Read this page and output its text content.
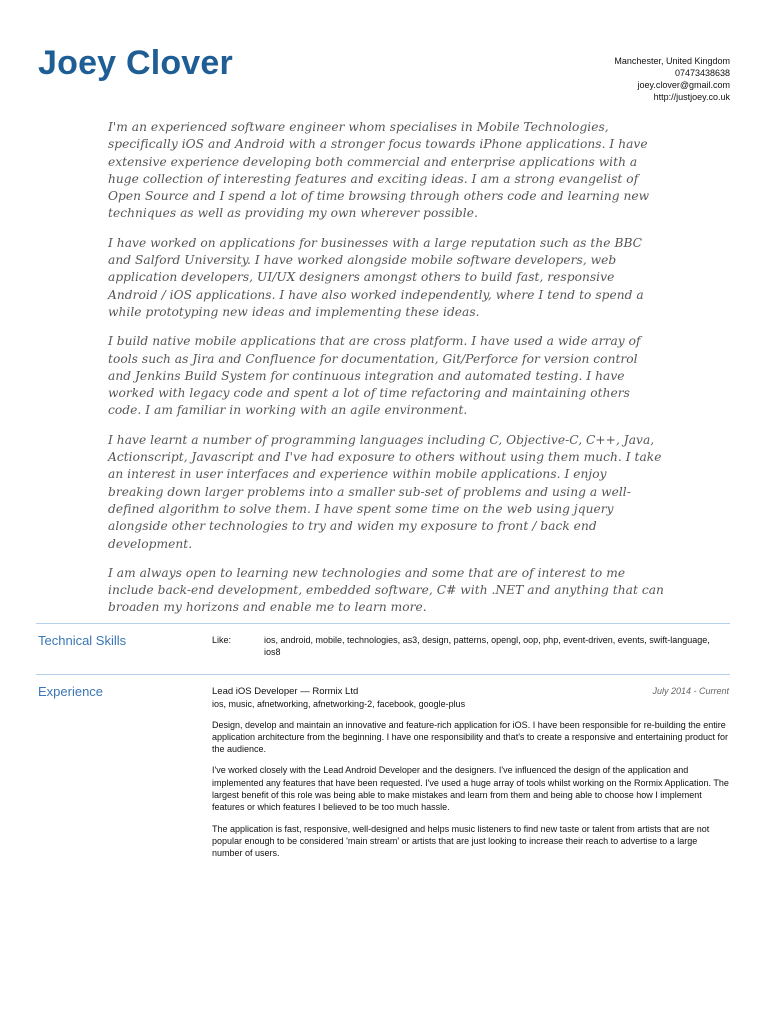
Joey Clover	Manchester, United Kingdom
07473438638
joey.clover@gmail.com
http://justjoey.co.uk

I'm an experienced software engineer whom specialises in Mobile Technologies, specifically iOS and Android with a stronger focus towards iPhone applications. I have extensive experience developing both commercial and enterprise applications with a huge collection of interesting features and exciting ideas. I am a strong evangelist of Open Source and I spend a lot of time browsing through others code and learning new techniques as well as providing my own wherever possible.

I have worked on applications for businesses with a large reputation such as the BBC and Salford University. I have worked alongside mobile software developers, web application developers, UI/UX designers amongst others to build fast, responsive Android / iOS applications. I have also worked independently, where I tend to spend a while prototyping new ideas and implementing these ideas.

I build native mobile applications that are cross platform. I have used a wide array of tools such as Jira and Confluence for documentation, Git/Perforce for version control and Jenkins Build System for continuous integration and automated testing. I have worked with legacy code and spent a lot of time refactoring and maintaining others code. I am familiar in working with an agile environment.

I have learnt a number of programming languages including C, Objective-C, C++, Java, Actionscript, Javascript and I've had exposure to others without using them much. I take an interest in user interfaces and experience within mobile applications. I enjoy breaking down larger problems into a smaller sub-set of problems and using a well-defined algorithm to solve them. I have spent some time on the web using jquery alongside other technologies to try and widen my exposure to front / back end development.

I am always open to learning new technologies and some that are of interest to me include back-end development, embedded software, C# with .NET and anything that can broaden my horizons and enable me to learn more.

Technical Skills	Like:	ios, android, mobile, technologies, as3, design, patterns, opengl, oop, php, event-driven, events, swift-language, ios8
Experience	Lead iOS Developer — Rormix Ltd	July 2014 - Current
ios, music, afnetworking, afnetworking-2, facebook, google-plus

Design, develop and maintain an innovative and feature-rich application for iOS. I have been responsible for re-building the entire application architecture from the beginning. I have one responsibility and that's to create a responsive and entertaining product for the audience.

I've worked closely with the Lead Android Developer and the designers. I've influenced the design of the application and implemented any features that have been requested. I've used a huge array of tools whilst working on the Rormix Application. The largest benefit of this role was being able to make mistakes and learn from them and being able to choose how I implement features or which features I believed to be too much hassle.

The application is fast, responsive, well-designed and helps music listeners to find new taste or talent from artists that are not popular enough to be considered 'main stream' or artists that are just looking to increase their reach to advertise to a large number of users.
